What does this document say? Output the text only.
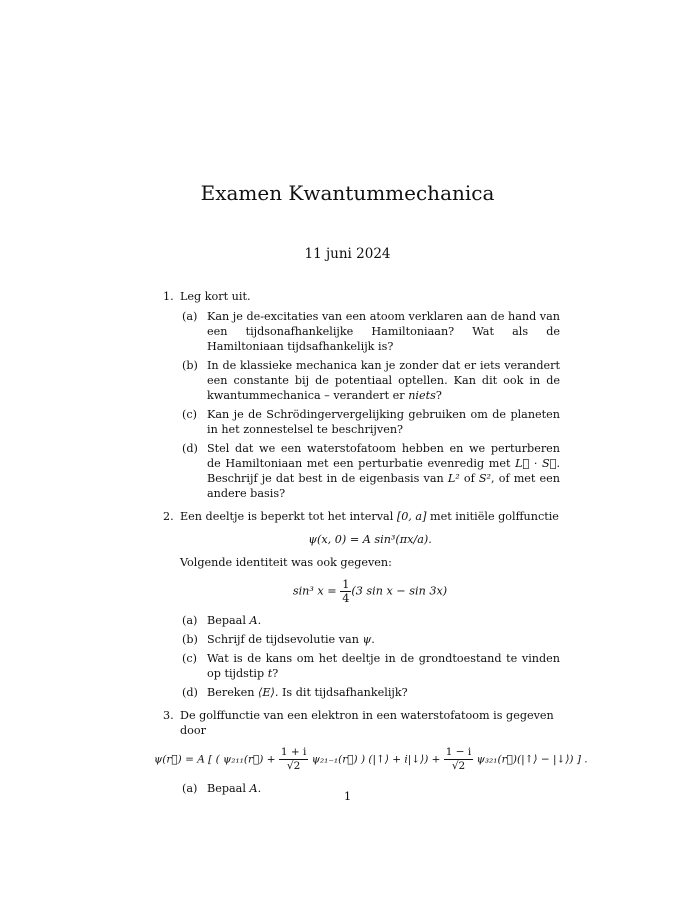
Examen Kwantummechanica
11 juni 2024
1. Leg kort uit.
(a) Kan je de-excitaties van een atoom verklaren aan de hand van een tijdsonafhankelijke Hamiltoniaan? Wat als de Hamiltoniaan tijdsafhankelijk is?
(b) In de klassieke mechanica kan je zonder dat er iets verandert een constante bij de potentiaal optellen. Kan dit ook in de kwantummechanica – verandert er niets?
(c) Kan je de Schrödingervergelijking gebruiken om de planeten in het zonnestelsel te beschrijven?
(d) Stel dat we een waterstofatoom hebben en we perturberen de Hamiltoniaan met een perturbatie evenredig met L⃗ · S⃗. Beschrijf je dat best in de eigenbasis van L² of S², of met een andere basis?
2. Een deeltje is beperkt tot het interval [0, a] met initiële golffunctie
ψ(x, 0) = A sin³(πx/a).
Volgende identiteit was ook gegeven:
sin³ $x = \frac{1}{4} (3$ sin x − sin 3x)
(a) Bepaal A.
(b) Schrijf de tijdsevolutie van ψ.
(c) Wat is de kans om het deeltje in de grondtoestand te vinden op tijdstip t?
(d) Bereken ⟨E⟩. Is dit tijdsafhankelijk?
3. De golffunctie van een elektron in een waterstofatoom is gegeven door
ψ(r⃗) = A [ ( ψ₂₁₁(r⃗) + $\frac{1 + i}{√2}$ ψ₂₁₋₁(r⃗) ) (|↑⟩ + i|↓⟩) + $\frac{1 - i}{√2}$ ψ₃₂₁(r⃗)(|↑⟩ − |↓⟩) ] .
(a) Bepaal A.
1
